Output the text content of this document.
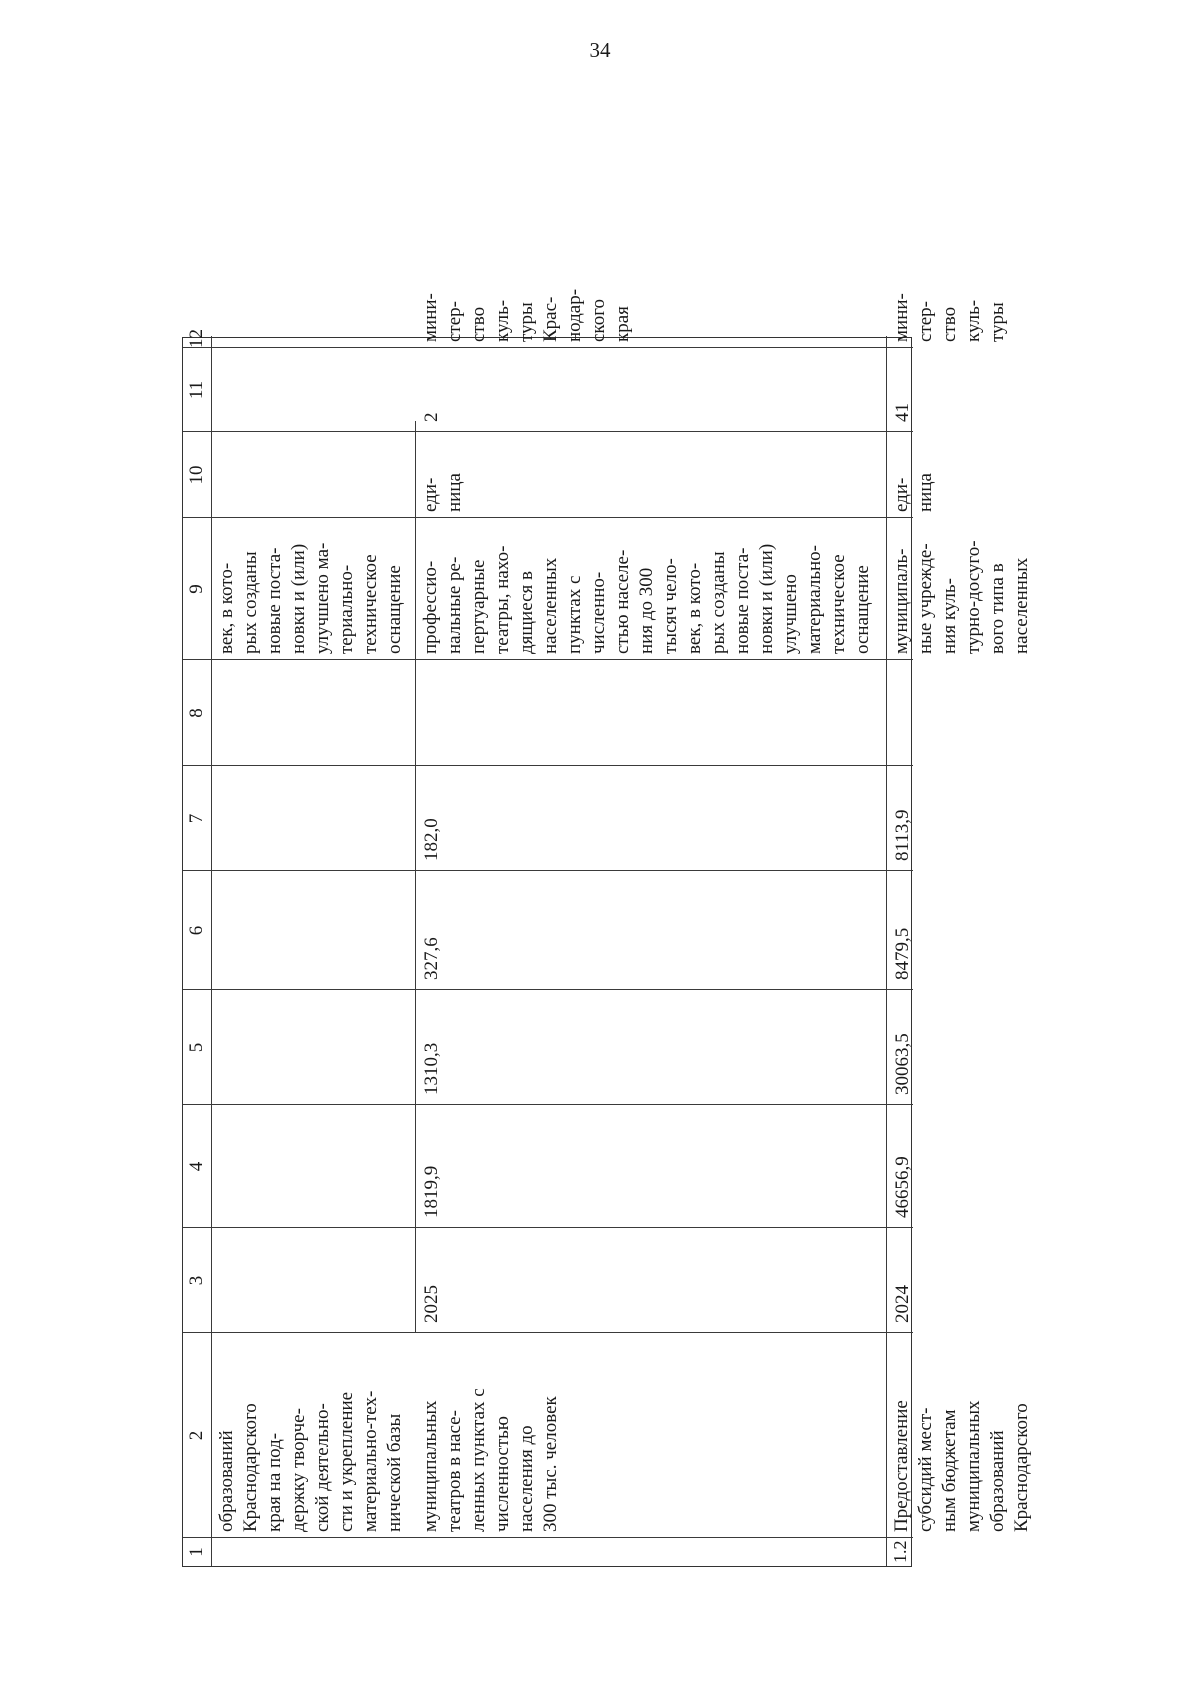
34
1
2
3
4
5
6
7
8
9
10
11
12
образований Краснодарского края на под- держку творче- ской деятельно- сти и укрепление материально-тех- нической базы
век, в кото- рых созданы новые поста- новки и (или) улучшено ма- териально- техническое оснащение
муниципальных театров в насе- ленных пунктах с численностью населения до 300 тыс. человек
2025
1819,9
1310,3
327,6
182,0
профессио- нальные ре- пертуарные театры, нахо- дящиеся в населенных пунктах с численно- стью населе- ния до 300 тысяч чело- век, в кото- рых созданы новые поста- новки и (или) улучшено материально- техническое оснащение
еди- ница
2
мини- стер- ство куль- туры Крас- нодар- ского края
1.2
Предоставление субсидий мест- ным бюджетам муниципальных образований Краснодарского
2024
46656,9
30063,5
8479,5
8113,9
муниципаль- ные учрежде- ния куль- турно-досуго- вого типа в населенных
еди- ница
41
мини- стер- ство куль- туры
